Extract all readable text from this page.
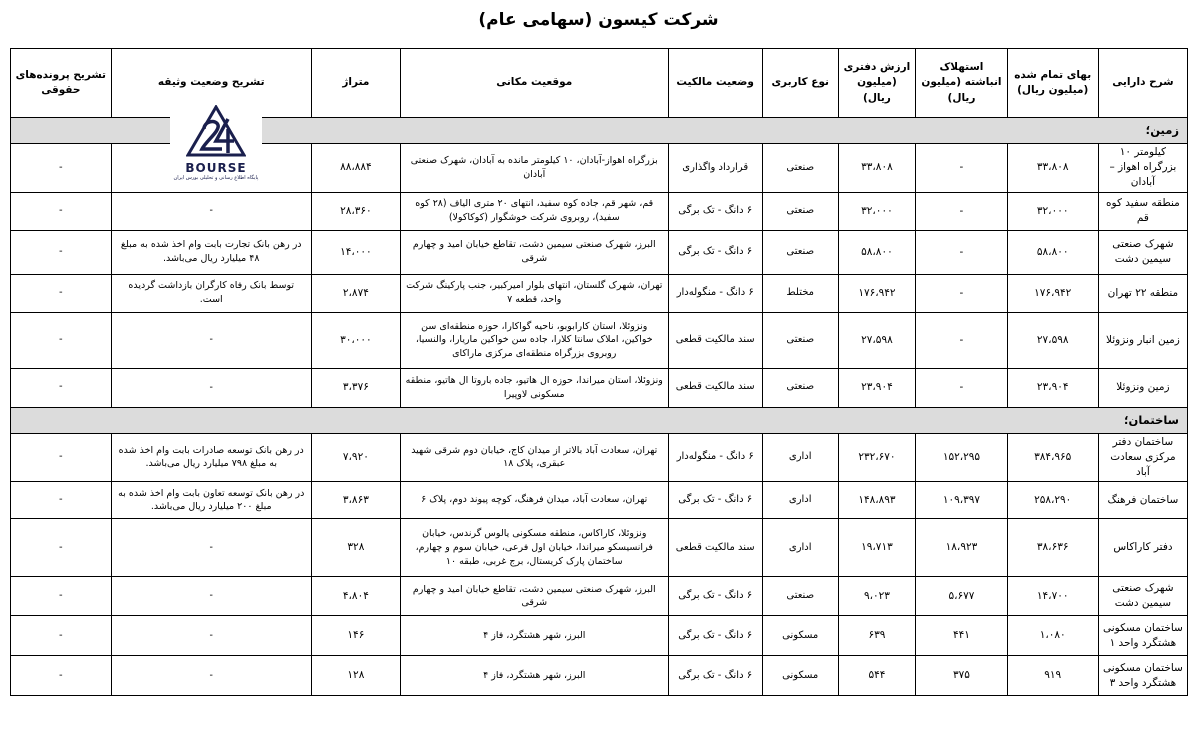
شرکت کیسون (سهامی عام)
شرح دارایی	بهای تمام شده (میلیون ریال)	استهلاک انباشته (میلیون ریال)	ارزش دفتری (میلیون ریال)	نوع کاربری	وضعیت مالکیت	موقعیت مکانی	متراژ	تشریح وضعیت وثیقه	تشریح پرونده‌های حقوقی
زمین؛									
کیلومتر ۱۰ بزرگراه اهواز – آبادان	۳۳،۸۰۸	-	۳۳،۸۰۸	صنعتی	قرارداد واگذاری	بزرگراه اهواز-آبادان، ۱۰ کیلومتر مانده به آبادان، شهرک صنعتی آبادان	۸۸،۸۸۴		-
منطقه سفید کوه قم	۳۲،۰۰۰	-	۳۲،۰۰۰	صنعتی	۶ دانگ - تک برگی	قم، شهر قم، جاده کوه سفید، انتهای ۲۰ متری الیاف (۲۸ کوه سفید)، روبروی شرکت خوشگوار (کوکاکولا)	۲۸،۳۶۰	-	-
شهرک صنعتی سیمین دشت	۵۸،۸۰۰	-	۵۸،۸۰۰	صنعتی	۶ دانگ - تک برگی	البرز، شهرک صنعتی سیمین دشت، تقاطع خیابان امید و چهارم شرقی	۱۴،۰۰۰	در رهن بانک تجارت بابت وام اخذ شده به مبلغ ۴۸ میلیارد ریال می‌باشد.	-
منطقه ۲۲ تهران	۱۷۶،۹۴۲	-	۱۷۶،۹۴۲	مختلط	۶ دانگ - منگوله‌دار	تهران، شهرک گلستان، انتهای بلوار امیرکبیر، جنب پارکینگ شرکت واحد، قطعه ۷	۲،۸۷۴	توسط بانک رفاه کارگران بازداشت گردیده است.	-
زمین انبار ونزوئلا	۲۷،۵۹۸	-	۲۷،۵۹۸	صنعتی	سند مالکیت قطعی	ونزوئلا، استان کارابوبو، ناحیه گواکارا، حوزه منطقه‌ای سن خواکین، املاک سانتا کلارا، جاده سن خواکین ماریارا، والنسیا، روبروی بزرگراه منطقه‌ای مرکزی ماراکای	۳۰،۰۰۰	-	-
زمین ونزوئلا	۲۳،۹۰۴	-	۲۳،۹۰۴	صنعتی	سند مالکیت قطعی	ونزوئلا، استان میراندا، حوزه ال هاتیو، جاده باروتا ال هاتیو، منطقه مسکونی لاوپیرا	۳،۳۷۶	-	-
ساختمان؛									
ساختمان دفتر مرکزی سعادت آباد	۳۸۴،۹۶۵	۱۵۲،۲۹۵	۲۳۲،۶۷۰	اداری	۶ دانگ - منگوله‌دار	تهران، سعادت آباد بالاتر از میدان کاج، خیابان دوم شرقی شهید عبقری، پلاک ۱۸	۷،۹۲۰	در رهن بانک توسعه صادرات بابت وام اخذ شده به مبلغ ۷۹۸ میلیارد ریال می‌باشد.	-
ساختمان فرهنگ	۲۵۸،۲۹۰	۱۰۹،۳۹۷	۱۴۸،۸۹۳	اداری	۶ دانگ - تک برگی	تهران، سعادت آباد، میدان فرهنگ، کوچه پیوند دوم، پلاک ۶	۳،۸۶۳	در رهن بانک توسعه تعاون بابت وام اخذ شده به مبلغ ۲۰۰ میلیارد ریال می‌باشد.	-
دفتر کاراکاس	۳۸،۶۳۶	۱۸،۹۲۳	۱۹،۷۱۳	اداری	سند مالکیت قطعی	ونزوئلا، کاراکاس، منطقه مسکونی یالوس گرندس، خیابان فرانسیسکو میراندا، خیابان اول فرعی، خیابان سوم و چهارم، ساختمان پارک کریستال، برج غربی، طبقه ۱۰	۳۲۸	-	-
شهرک صنعتی سیمین دشت	۱۴،۷۰۰	۵،۶۷۷	۹،۰۲۳	صنعتی	۶ دانگ - تک برگی	البرز، شهرک صنعتی سیمین دشت، تقاطع خیابان امید و چهارم شرقی	۴،۸۰۴	-	-
ساختمان مسکونی هشتگرد واحد ۱	۱،۰۸۰	۴۴۱	۶۳۹	مسکونی	۶ دانگ - تک برگی	البرز، شهر هشتگرد، فاز ۴	۱۴۶	-	-
ساختمان مسکونی هشتگرد واحد ۳	۹۱۹	۳۷۵	۵۴۴	مسکونی	۶ دانگ - تک برگی	البرز، شهر هشتگرد، فاز ۴	۱۲۸	-	-
BOURSE
پایگاه اطلاع رسانی و تحلیلی بورس ایران
